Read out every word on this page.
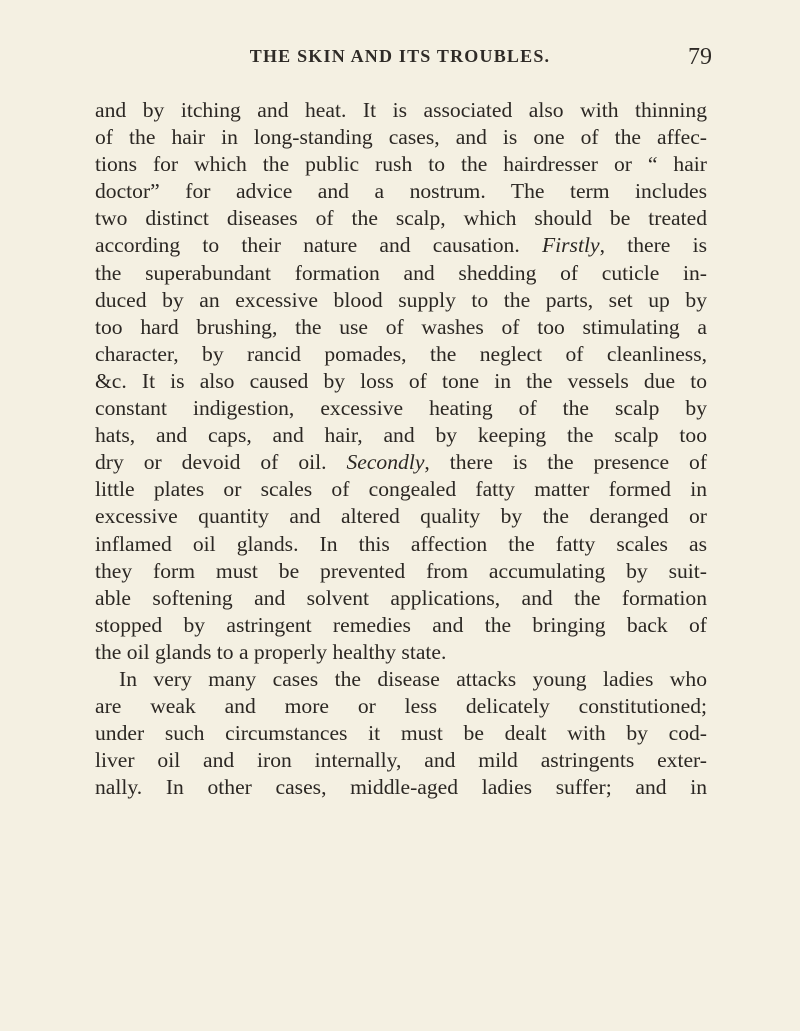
THE SKIN AND ITS TROUBLES.	79
and by itching and heat. It is associated also with thinning
of the hair in long-standing cases, and is one of the affec-
tions for which the public rush to the hairdresser or “ hair
doctor” for advice and a nostrum. The term includes
two distinct diseases of the scalp, which should be treated
according to their nature and causation. Firstly, there is
the superabundant formation and shedding of cuticle in-
duced by an excessive blood supply to the parts, set up by
too hard brushing, the use of washes of too stimulating a
character, by rancid pomades, the neglect of cleanliness,
&c. It is also caused by loss of tone in the vessels due to
constant indigestion, excessive heating of the scalp by
hats, and caps, and hair, and by keeping the scalp too
dry or devoid of oil. Secondly, there is the presence of
little plates or scales of congealed fatty matter formed in
excessive quantity and altered quality by the deranged or
inflamed oil glands. In this affection the fatty scales as
they form must be prevented from accumulating by suit-
able softening and solvent applications, and the formation
stopped by astringent remedies and the bringing back of
the oil glands to a properly healthy state.
In very many cases the disease attacks young ladies who
are weak and more or less delicately constitutioned;
under such circumstances it must be dealt with by cod-
liver oil and iron internally, and mild astringents exter-
nally. In other cases, middle-aged ladies suffer; and in
